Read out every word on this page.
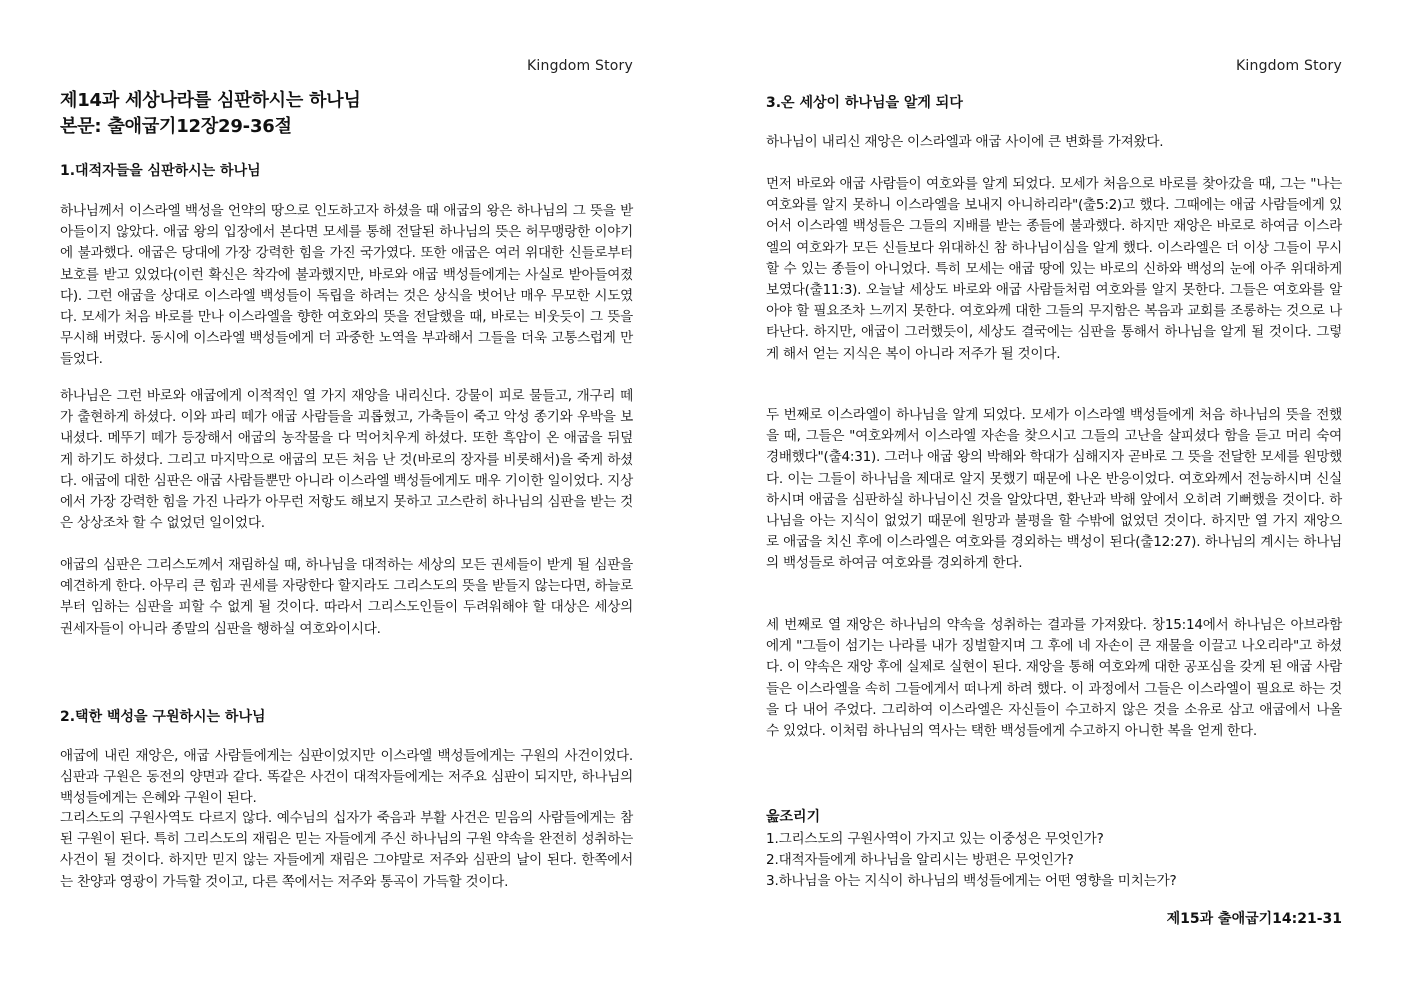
Kingdom Story
제14과 세상나라를 심판하시는 하나님
본문: 출애굽기12장29-36절
1.대적자들을 심판하시는 하나님

하나님께서 이스라엘 백성을 언약의 땅으로 인도하고자 하셨을 때 애굽의 왕은 하나님의 그 뜻을 받아들이지 않았다. 애굽 왕의 입장에서 본다면 모세를 통해 전달된 하나님의 뜻은 허무맹랑한 이야기에 불과했다. 애굽은 당대에 가장 강력한 힘을 가진 국가였다. 또한 애굽은 여러 위대한 신들로부터 보호를 받고 있었다(이런 확신은 착각에 불과했지만, 바로와 애굽 백성들에게는 사실로 받아들여졌다). 그런 애굽을 상대로 이스라엘 백성들이 독립을 하려는 것은 상식을 벗어난 매우 무모한 시도였다. 모세가 처음 바로를 만나 이스라엘을 향한 여호와의 뜻을 전달했을 때, 바로는 비웃듯이 그 뜻을 무시해 버렸다. 동시에 이스라엘 백성들에게 더 과중한 노역을 부과해서 그들을 더욱 고통스럽게 만들었다.

하나님은 그런 바로와 애굽에게 이적적인 열 가지 재앙을 내리신다. 강물이 피로 물들고, 개구리 떼가 출현하게 하셨다. 이와 파리 떼가 애굽 사람들을 괴롭혔고, 가축들이 죽고 악성 종기와 우박을 보내셨다. 메뚜기 떼가 등장해서 애굽의 농작물을 다 먹어치우게 하셨다. 또한 흑암이 온 애굽을 뒤덮게 하기도 하셨다. 그리고 마지막으로 애굽의 모든 처음 난 것(바로의 장자를 비롯해서)을 죽게 하셨다. 애굽에 대한 심판은 애굽 사람들뿐만 아니라 이스라엘 백성들에게도 매우 기이한 일이었다. 지상에서 가장 강력한 힘을 가진 나라가 아무런 저항도 해보지 못하고 고스란히 하나님의 심판을 받는 것은 상상조차 할 수 없었던 일이었다.

애굽의 심판은 그리스도께서 재림하실 때, 하나님을 대적하는 세상의 모든 권세들이 받게 될 심판을 예견하게 한다. 아무리 큰 힘과 권세를 자랑한다 할지라도 그리스도의 뜻을 받들지 않는다면, 하늘로부터 임하는 심판을 피할 수 없게 될 것이다. 따라서 그리스도인들이 두려워해야 할 대상은 세상의 권세자들이 아니라 종말의 심판을 행하실 여호와이시다.

2.택한 백성을 구원하시는 하나님

애굽에 내린 재앙은, 애굽 사람들에게는 심판이었지만 이스라엘 백성들에게는 구원의 사건이었다. 심판과 구원은 동전의 양면과 같다. 똑같은 사건이 대적자들에게는 저주요 심판이 되지만, 하나님의 백성들에게는 은혜와 구원이 된다.

그리스도의 구원사역도 다르지 않다. 예수님의 십자가 죽음과 부활 사건은 믿음의 사람들에게는 참된 구원이 된다. 특히 그리스도의 재림은 믿는 자들에게 주신 하나님의 구원 약속을 완전히 성취하는 사건이 될 것이다. 하지만 믿지 않는 자들에게 재림은 그야말로 저주와 심판의 날이 된다. 한쪽에서는 찬양과 영광이 가득할 것이고, 다른 쪽에서는 저주와 통곡이 가득할 것이다.

Kingdom Story
3.온 세상이 하나님을 알게 되다

하나님이 내리신 재앙은 이스라엘과 애굽 사이에 큰 변화를 가져왔다.

먼저 바로와 애굽 사람들이 여호와를 알게 되었다. 모세가 처음으로 바로를 찾아갔을 때, 그는 "나는 여호와를 알지 못하니 이스라엘을 보내지 아니하리라"(출5:2)고 했다. 그때에는 애굽 사람들에게 있어서 이스라엘 백성들은 그들의 지배를 받는 종들에 불과했다. 하지만 재앙은 바로로 하여금 이스라엘의 여호와가 모든 신들보다 위대하신 참 하나님이심을 알게 했다. 이스라엘은 더 이상 그들이 무시할 수 있는 종들이 아니었다. 특히 모세는 애굽 땅에 있는 바로의 신하와 백성의 눈에 아주 위대하게 보였다(출11:3). 오늘날 세상도 바로와 애굽 사람들처럼 여호와를 알지 못한다. 그들은 여호와를 알아야 할 필요조차 느끼지 못한다. 여호와께 대한 그들의 무지함은 복음과 교회를 조롱하는 것으로 나타난다. 하지만, 애굽이 그러했듯이, 세상도 결국에는 심판을 통해서 하나님을 알게 될 것이다. 그렇게 해서 얻는 지식은 복이 아니라 저주가 될 것이다.

두 번째로 이스라엘이 하나님을 알게 되었다. 모세가 이스라엘 백성들에게 처음 하나님의 뜻을 전했을 때, 그들은 "여호와께서 이스라엘 자손을 찾으시고 그들의 고난을 살피셨다 함을 듣고 머리 숙여 경배했다"(출4:31). 그러나 애굽 왕의 박해와 학대가 심해지자 곧바로 그 뜻을 전달한 모세를 원망했다. 이는 그들이 하나님을 제대로 알지 못했기 때문에 나온 반응이었다. 여호와께서 전능하시며 신실하시며 애굽을 심판하실 하나님이신 것을 알았다면, 환난과 박해 앞에서 오히려 기뻐했을 것이다. 하나님을 아는 지식이 없었기 때문에 원망과 불평을 할 수밖에 없었던 것이다. 하지만 열 가지 재앙으로 애굽을 치신 후에 이스라엘은 여호와를 경외하는 백성이 된다(출12:27). 하나님의 계시는 하나님의 백성들로 하여금 여호와를 경외하게 한다.

세 번째로 열 재앙은 하나님의 약속을 성취하는 결과를 가져왔다. 창15:14에서 하나님은 아브라함에게 "그들이 섬기는 나라를 내가 징벌할지며 그 후에 네 자손이 큰 재물을 이끌고 나오리라"고 하셨다. 이 약속은 재앙 후에 실제로 실현이 된다. 재앙을 통해 여호와께 대한 공포심을 갖게 된 애굽 사람들은 이스라엘을 속히 그들에게서 떠나게 하려 했다. 이 과정에서 그들은 이스라엘이 필요로 하는 것을 다 내어 주었다. 그리하여 이스라엘은 자신들이 수고하지 않은 것을 소유로 삼고 애굽에서 나올 수 있었다. 이처럼 하나님의 역사는 택한 백성들에게 수고하지 아니한 복을 얻게 한다.

읊조리기

1.그리스도의 구원사역이 가지고 있는 이중성은 무엇인가?

2.대적자들에게 하나님을 알리시는 방편은 무엇인가?

3.하나님을 아는 지식이 하나님의 백성들에게는 어떤 영향을 미치는가?

제15과 출애굽기14:21-31
